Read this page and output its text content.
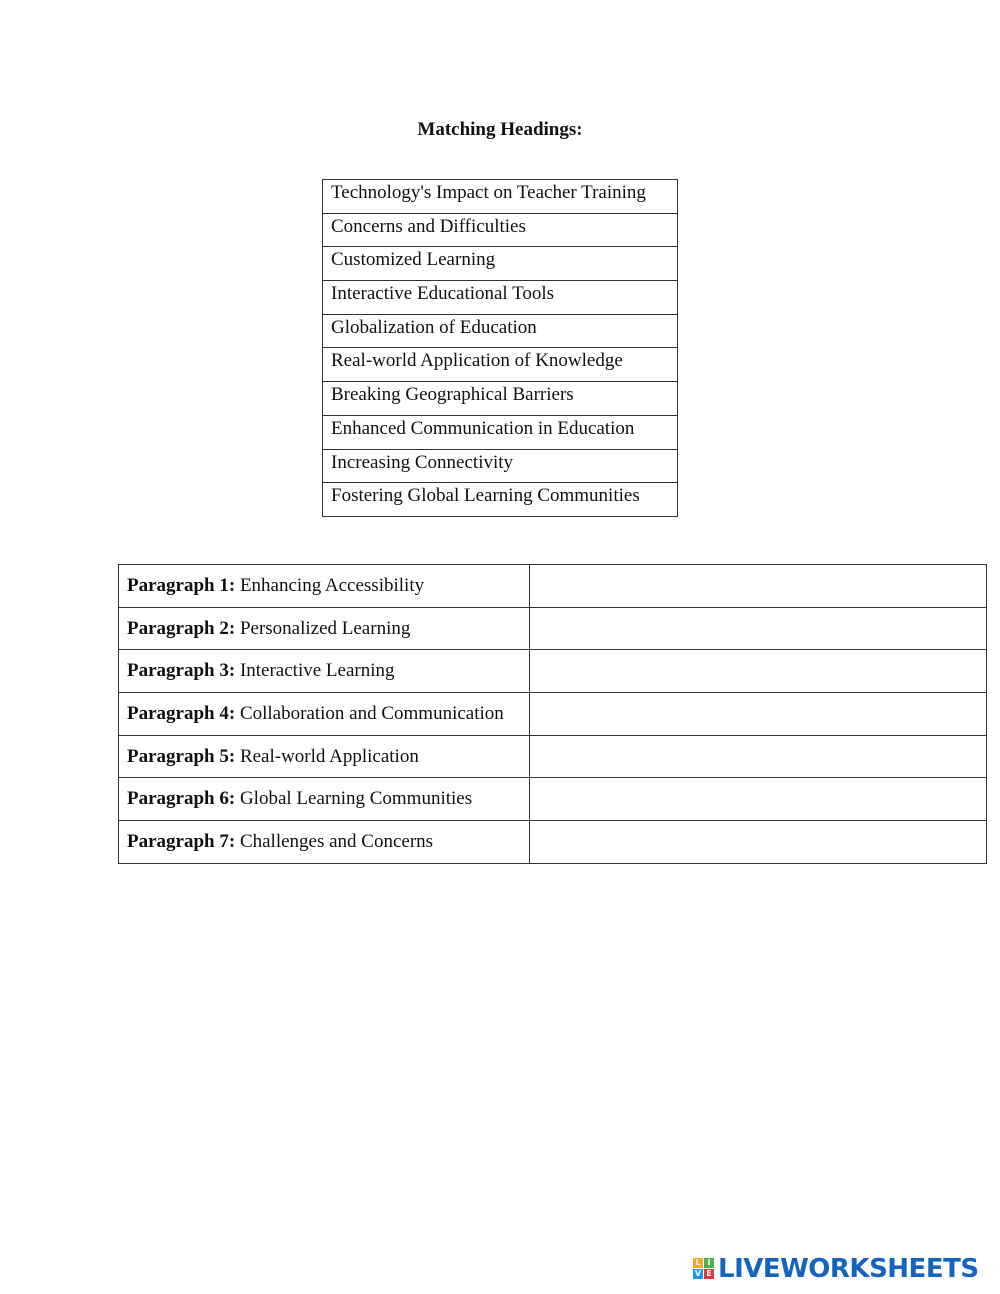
Matching Headings:
Technology's Impact on Teacher Training
Concerns and Difficulties
Customized Learning
Interactive Educational Tools
Globalization of Education
Real-world Application of Knowledge
Breaking Geographical Barriers
Enhanced Communication in Education
Increasing Connectivity
Fostering Global Learning Communities
Paragraph 1: Enhancing Accessibility	
Paragraph 2: Personalized Learning	
Paragraph 3: Interactive Learning	
Paragraph 4: Collaboration and Communication	
Paragraph 5: Real-world Application	
Paragraph 6: Global Learning Communities	
Paragraph 7: Challenges and Concerns	
L I
V E LIVEWORKSHEETS
